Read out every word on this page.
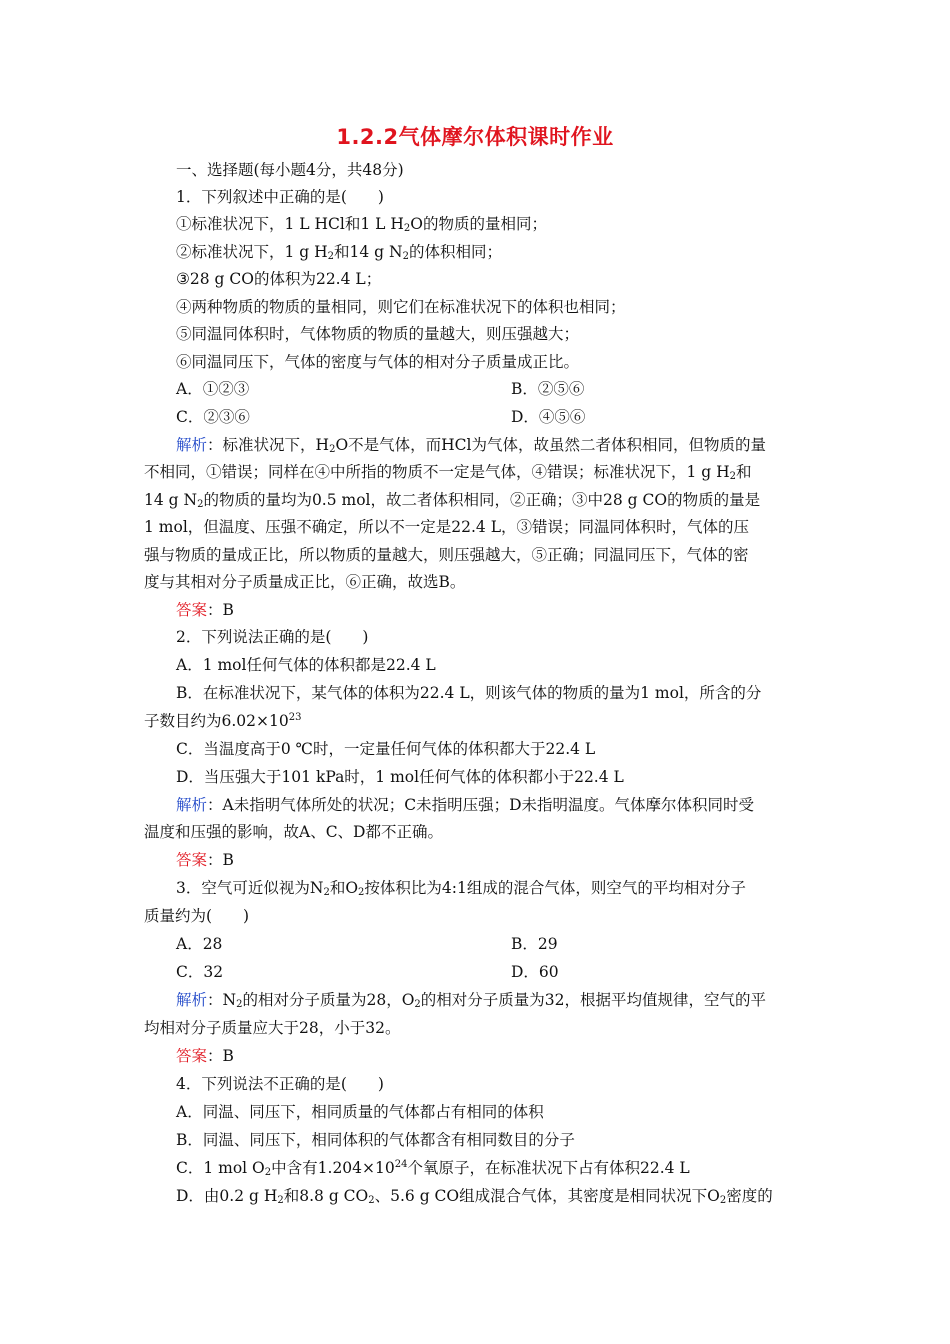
1.2.2气体摩尔体积课时作业
一、选择题(每小题4分，共48分)
1．下列叙述中正确的是(　　)
①标准状况下，1 L HCl和1 L $H_2O$的物质的量相同；
②标准状况下，1 g $H_2$和14 g $N_2$的体积相同；
③28 g CO的体积为22.4 L；
④两种物质的物质的量相同，则它们在标准状况下的体积也相同；
⑤同温同体积时，气体物质的物质的量越大，则压强越大；
⑥同温同压下，气体的密度与气体的相对分子质量成正比。
A．①②③	B．②⑤⑥
C．②③⑥	D．④⑤⑥
解析：标准状况下，$H_2O$不是气体，而HCl为气体，故虽然二者体积相同，但物质的量
不相同，①错误；同样在④中所指的物质不一定是气体，④错误；标准状况下，1 g $H_2$和
14 g $N_2$的物质的量均为0.5 mol，故二者体积相同，②正确；③中28 g CO的物质的量是
1 mol，但温度、压强不确定，所以不一定是22.4 L，③错误；同温同体积时，气体的压
强与物质的量成正比，所以物质的量越大，则压强越大，⑤正确；同温同压下，气体的密
度与其相对分子质量成正比，⑥正确，故选B。
答案：B
2．下列说法正确的是(　　)
A．1 mol任何气体的体积都是22.4 L
B．在标准状况下，某气体的体积为22.4 L，则该气体的物质的量为1 mol，所含的分
子数目约为$6.02\times 10^{23}$
C．当温度高于0 ℃时，一定量任何气体的体积都大于22.4 L
D．当压强大于101 kPa时，1 mol任何气体的体积都小于22.4 L
解析：A未指明气体所处的状况；C未指明压强；D未指明温度。气体摩尔体积同时受
温度和压强的影响，故A、C、D都不正确。
答案：B
3．空气可近似视为$N_2$和$O_2$按体积比为4:1组成的混合气体，则空气的平均相对分子
质量约为(　　)
A．28	B．29
C．32	D．60
解析：$N_2$的相对分子质量为28，$O_2$的相对分子质量为32，根据平均值规律，空气的平
均相对分子质量应大于28，小于32。
答案：B
4．下列说法不正确的是(　　)
A．同温、同压下，相同质量的气体都占有相同的体积
B．同温、同压下，相同体积的气体都含有相同数目的分子
C．1 mol $O_2$中含有$1.204\times 10^{24}$个氧原子，在标准状况下占有体积22.4 L
D．由0.2 g $H_2$和8.8 g $CO_2$、5.6 g CO组成混合气体，其密度是相同状况下$O_2$密度的
